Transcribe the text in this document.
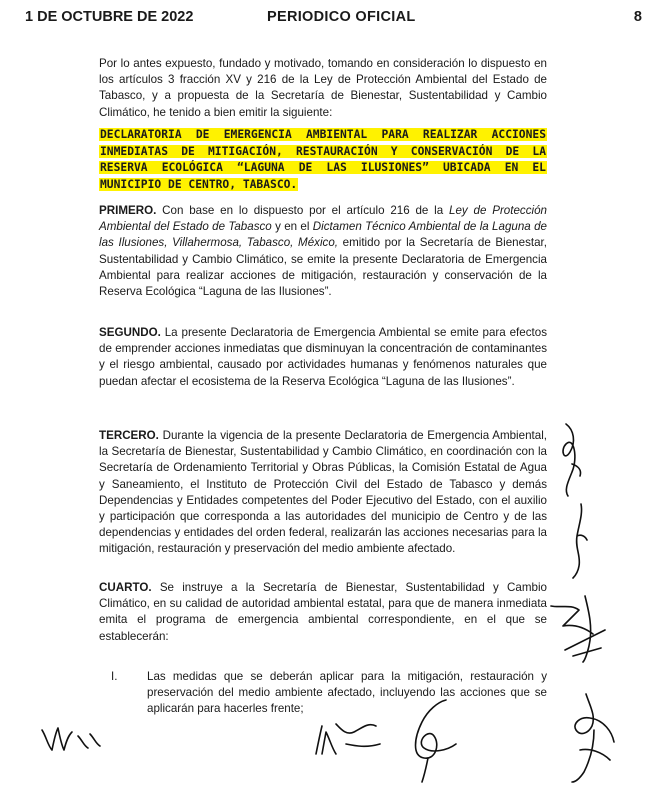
1 DE OCTUBRE DE 2022	PERIODICO OFICIAL	8

Por lo antes expuesto, fundado y motivado, tomando en consideración lo dispuesto en los artículos 3 fracción XV y 216 de la Ley de Protección Ambiental del Estado de Tabasco, y a propuesta de la Secretaría de Bienestar, Sustentabilidad y Cambio Climático, he tenido a bien emitir la siguiente:

DECLARATORIA DE EMERGENCIA AMBIENTAL PARA REALIZAR ACCIONES INMEDIATAS DE MITIGACIÓN, RESTAURACIÓN Y CONSERVACIÓN DE LA RESERVA ECOLÓGICA “LAGUNA DE LAS ILUSIONES” UBICADA EN EL MUNICIPIO DE CENTRO, TABASCO.

PRIMERO. Con base en lo dispuesto por el artículo 216 de la Ley de Protección Ambiental del Estado de Tabasco y en el Dictamen Técnico Ambiental de la Laguna de las Ilusiones, Villahermosa, Tabasco, México, emitido por la Secretaría de Bienestar, Sustentabilidad y Cambio Climático, se emite la presente Declaratoria de Emergencia Ambiental para realizar acciones de mitigación, restauración y conservación de la Reserva Ecológica “Laguna de las Ilusiones”.

SEGUNDO. La presente Declaratoria de Emergencia Ambiental se emite para efectos de emprender acciones inmediatas que disminuyan la concentración de contaminantes y el riesgo ambiental, causado por actividades humanas y fenómenos naturales que puedan afectar el ecosistema de la Reserva Ecológica “Laguna de las Ilusiones”.

TERCERO. Durante la vigencia de la presente Declaratoria de Emergencia Ambiental, la Secretaría de Bienestar, Sustentabilidad y Cambio Climático, en coordinación con la Secretaría de Ordenamiento Territorial y Obras Públicas, la Comisión Estatal de Agua y Saneamiento, el Instituto de Protección Civil del Estado de Tabasco y demás Dependencias y Entidades competentes del Poder Ejecutivo del Estado, con el auxilio y participación que corresponda a las autoridades del municipio de Centro y de las dependencias y entidades del orden federal, realizarán las acciones necesarias para la mitigación, restauración y preservación del medio ambiente afectado.

CUARTO. Se instruye a la Secretaría de Bienestar, Sustentabilidad y Cambio Climático, en su calidad de autoridad ambiental estatal, para que de manera inmediata emita el programa de emergencia ambiental correspondiente, en el que se establecerán:

I.	Las medidas que se deberán aplicar para la mitigación, restauración y preservación del medio ambiente afectado, incluyendo las acciones que se aplicarán para hacerles frente;
